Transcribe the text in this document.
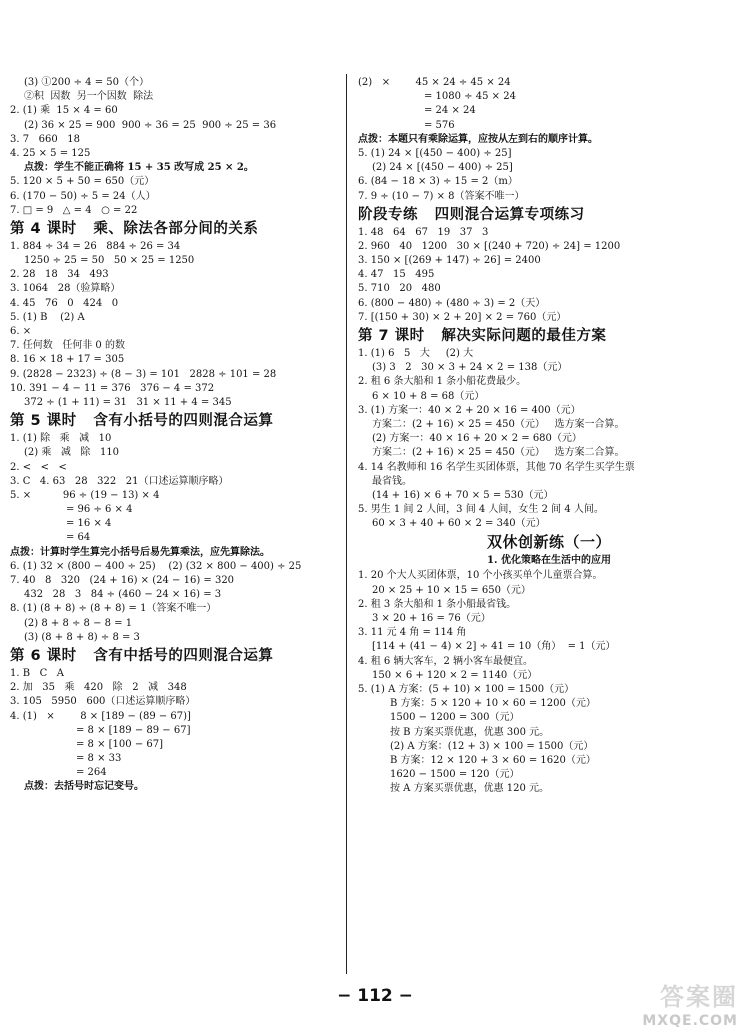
(3) ①200 ÷ 4 = 50（个）
②积  因数  另一个因数  除法
2. (1) 乘  15 × 4 = 60
(2) 36 × 25 = 900  900 ÷ 36 = 25  900 ÷ 25 = 36
3. 7   660   18
4. 25 × 5 = 125
点拨：学生不能正确将 15 + 35 改写成 25 × 2。
5. 120 × 5 + 50 = 650（元）
6. (170 − 50) ÷ 5 = 24（人）
7. □ = 9   △ = 4   ○ = 22
第 4 课时   乘、除法各部分间的关系
1. 884 ÷ 34 = 26   884 ÷ 26 = 34
1250 ÷ 25 = 50   50 × 25 = 1250
2. 28   18   34   493
3. 1064   28（验算略）
4. 45   76   0   424   0
5. (1) B    (2) A
6. ×
7. 任何数   任何非 0 的数
8. 16 × 18 + 17 = 305
9. (2828 − 2323) ÷ (8 − 3) = 101   2828 ÷ 101 = 28
10. 391 − 4 − 11 = 376   376 − 4 = 372
372 ÷ (1 + 11) = 31   31 × 11 + 4 = 345
第 5 课时   含有小括号的四则混合运算
1. (1) 除   乘   减   10
(2) 乘   减   除   110
2. <   <   <
3. C   4. 63   28   322   21（口述运算顺序略）
5. ×          96 ÷ (19 − 13) × 4
= 96 ÷ 6 × 4
= 16 × 4
= 64
点拨：计算时学生算完小括号后易先算乘法，应先算除法。
6. (1) 32 × (800 − 400 ÷ 25)    (2) (32 × 800 − 400) ÷ 25
7. 40   8   320   (24 + 16) × (24 − 16) = 320
432   28   3   84 ÷ (460 − 24 × 16) = 3
8. (1) (8 + 8) ÷ (8 + 8) = 1（答案不唯一）
(2) 8 + 8 ÷ 8 − 8 = 1
(3) (8 + 8 + 8) ÷ 8 = 3
第 6 课时   含有中括号的四则混合运算
1. B   C   A
2. 加   35   乘   420   除   2   减   348
3. 105   5950   600（口述运算顺序略）
4. (1)   ×        8 × [189 − (89 − 67)]
= 8 × [189 − 89 − 67]
= 8 × [100 − 67]
= 8 × 33
= 264
点拨：去括号时忘记变号。
(2)   ×        45 × 24 ÷ 45 × 24
= 1080 ÷ 45 × 24
= 24 × 24
= 576
点拨：本题只有乘除运算，应按从左到右的顺序计算。
5. (1) 24 × [(450 − 400) ÷ 25]
(2) 24 × [(450 − 400) ÷ 25]
6. (84 − 18 × 3) ÷ 15 = 2（m）
7. 9 ÷ (10 − 7) × 8（答案不唯一）
阶段专练   四则混合运算专项练习
1. 48   64   67   19   37   3
2. 960   40   1200   30 × [(240 + 720) ÷ 24] = 1200
3. 150 × [(269 + 147) ÷ 26] = 2400
4. 47   15   495
5. 710   20   480
6. (800 − 480) ÷ (480 ÷ 3) = 2（天）
7. [(150 + 30) × 2 + 20] × 2 = 760（元）
第 7 课时   解决实际问题的最佳方案
1. (1) 6   5   大     (2) 大
(3) 3   2   30 × 3 + 24 × 2 = 138（元）
2. 租 6 条大船和 1 条小船花费最少。
6 × 10 + 8 = 68（元）
3. (1) 方案一：40 × 2 + 20 × 16 = 400（元）
方案二：(2 + 16) × 25 = 450（元）   选方案一合算。
(2) 方案一：40 × 16 + 20 × 2 = 680（元）
方案二：(2 + 16) × 25 = 450（元）   选方案二合算。
4. 14 名教师和 16 名学生买团体票，其他 70 名学生买学生票
最省钱。
(14 + 16) × 6 + 70 × 5 = 530（元）
5. 男生 1 间 2 人间，3 间 4 人间，女生 2 间 4 人间。
60 × 3 + 40 + 60 × 2 = 340（元）
双休创新练（一）
1. 优化策略在生活中的应用
1. 20 个大人买团体票，10 个小孩买单个儿童票合算。
20 × 25 + 10 × 15 = 650（元）
2. 租 3 条大船和 1 条小船最省钱。
3 × 20 + 16 = 76（元）
3. 11 元 4 角 = 114 角
[114 + (41 − 4) × 2] ÷ 41 = 10（角）  = 1（元）
4. 租 6 辆大客车，2 辆小客车最便宜。
150 × 6 + 120 × 2 = 1140（元）
5. (1) A 方案：(5 + 10) × 100 = 1500（元）
B 方案：5 × 120 + 10 × 60 = 1200（元）
1500 − 1200 = 300（元）
按 B 方案买票优惠，优惠 300 元。
(2) A 方案：(12 + 3) × 100 = 1500（元）
B 方案：12 × 120 + 3 × 60 = 1620（元）
1620 − 1500 = 120（元）
按 A 方案买票优惠，优惠 120 元。
− 112 −	答案圈
MXQE.COM
